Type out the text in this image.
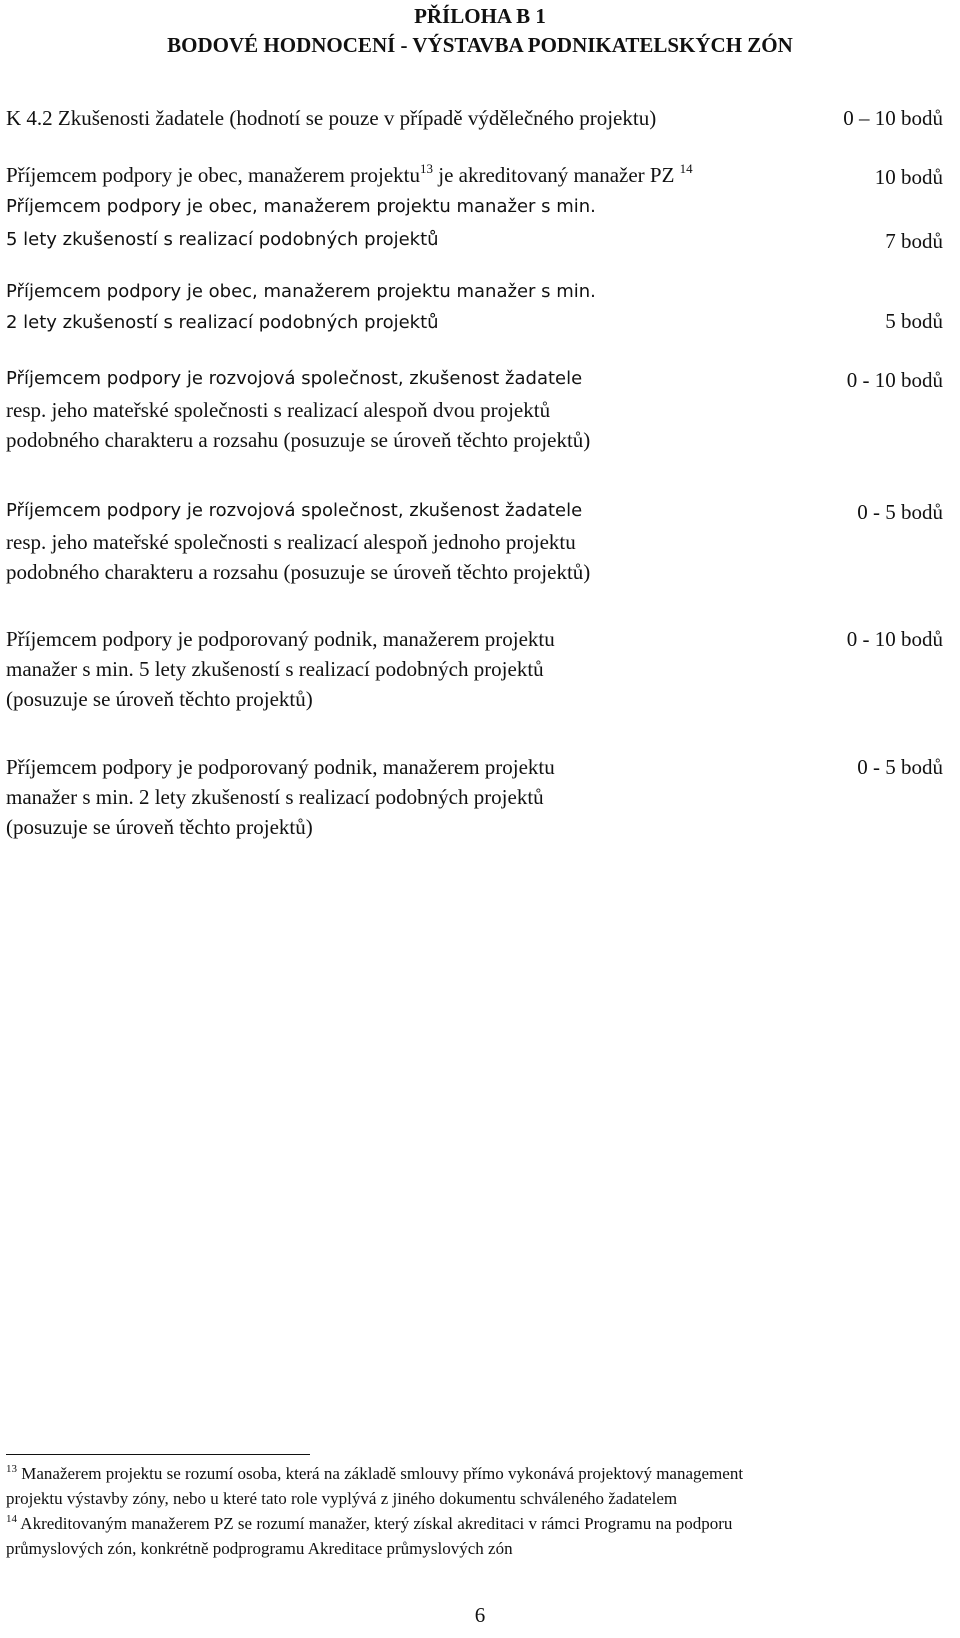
PŘÍLOHA B 1
BODOVÉ HODNOCENÍ - VÝSTAVBA PODNIKATELSKÝCH ZÓN
K 4.2 Zkušenosti žadatele (hodnotí se pouze v případě výdělečného projektu)	0 – 10 bodů
Příjemcem podpory je obec, manažerem projektu$^{13}$ je akreditovaný manažer PZ $^{14}$	10 bodů
Příjemcem podpory je obec, manažerem projektu manažer s min.
5 lety zkušeností s realizací podobných projektů	7 bodů
Příjemcem podpory je obec, manažerem projektu manažer s min.
2 lety zkušeností s realizací podobných projektů	5 bodů
Příjemcem podpory je rozvojová společnost, zkušenost žadatele
resp. jeho mateřské společnosti s realizací alespoň dvou projektů
podobného charakteru a rozsahu (posuzuje se úroveň těchto projektů)
0 - 10 bodů
Příjemcem podpory je rozvojová společnost, zkušenost žadatele
resp. jeho mateřské společnosti s realizací alespoň jednoho projektu
podobného charakteru a rozsahu (posuzuje se úroveň těchto projektů)
0 - 5 bodů
Příjemcem podpory je podporovaný podnik, manažerem projektu
manažer s min. 5 lety zkušeností s realizací podobných projektů
(posuzuje se úroveň těchto projektů)
0 - 10 bodů
Příjemcem podpory je podporovaný podnik, manažerem projektu
manažer s min. 2 lety zkušeností s realizací podobných projektů
(posuzuje se úroveň těchto projektů)
0 - 5 bodů
$^{13}$ Manažerem projektu se rozumí osoba, která na základě smlouvy přímo vykonává projektový management
projektu výstavby zóny, nebo u které tato role vyplývá z jiného dokumentu schváleného žadatelem
$^{14}$ Akreditovaným manažerem PZ se rozumí manažer, který získal akreditaci v rámci Programu na podporu
průmyslových zón, konkrétně podprogramu Akreditace průmyslových zón
6
